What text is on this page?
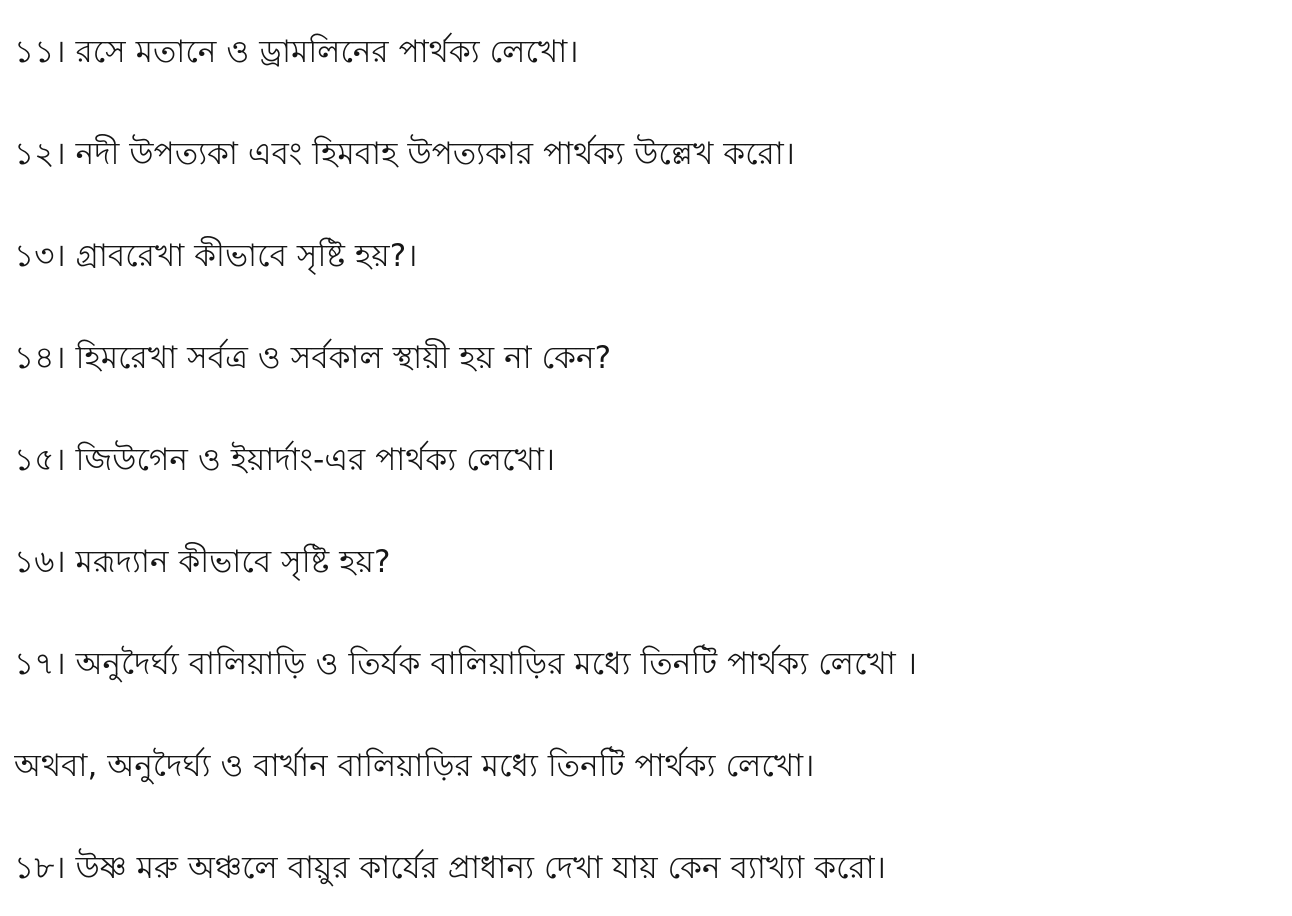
১১। রসে মতানে ও ড্রামলিনের পার্থক্য লেখো।
১২। নদী উপত্যকা এবং হিমবাহ উপত্যকার পার্থক্য উল্লেখ করো।
১৩। গ্রাবরেখা কীভাবে সৃষ্টি হয়?।
১৪। হিমরেখা সর্বত্র ও সর্বকাল স্থায়ী হয় না কেন?
১৫। জিউগেন ও ইয়ার্দাং-এর পার্থক্য লেখো।
১৬। মরূদ্যান কীভাবে সৃষ্টি হয়?
১৭। অনুদৈর্ঘ্য বালিয়াড়ি ও তির্যক বালিয়াড়ির মধ্যে তিনটি পার্থক্য লেখো ।
অথবা, অনুদৈর্ঘ্য ও বার্খান বালিয়াড়ির মধ্যে তিনটি পার্থক্য লেখো।
১৮। উষ্ণ মরু অঞ্চলে বায়ুর কার্যের প্রাধান্য দেখা যায় কেন ব্যাখ্যা করো।
